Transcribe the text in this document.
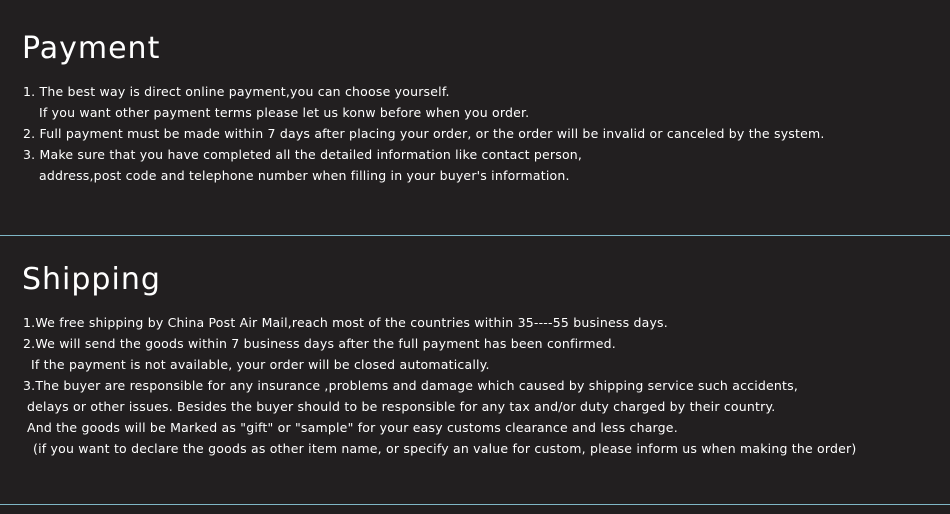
Payment

1. The best way is direct online payment,you can choose yourself.

If you want other payment terms please let us konw before when you order.

2. Full payment must be made within 7 days after placing your order, or the order will be invalid or canceled by the system.

3. Make sure that you have completed all the detailed information like contact person,

address,post code and telephone number when filling in your buyer's information.

Shipping

1.We free shipping by China Post Air Mail,reach most of the countries within 35----55 business days.

2.We will send the goods within 7 business days after the full payment has been confirmed.

If the payment is not available, your order will be closed automatically.

3.The buyer are responsible for any insurance ,problems and damage which caused by shipping service such accidents,

delays or other issues. Besides the buyer should to be responsible for any tax and/or duty charged by their country.

And the goods will be Marked as "gift" or "sample" for your easy customs clearance and less charge.

(if you want to declare the goods as other item name, or specify an value for custom, please inform us when making the order)
